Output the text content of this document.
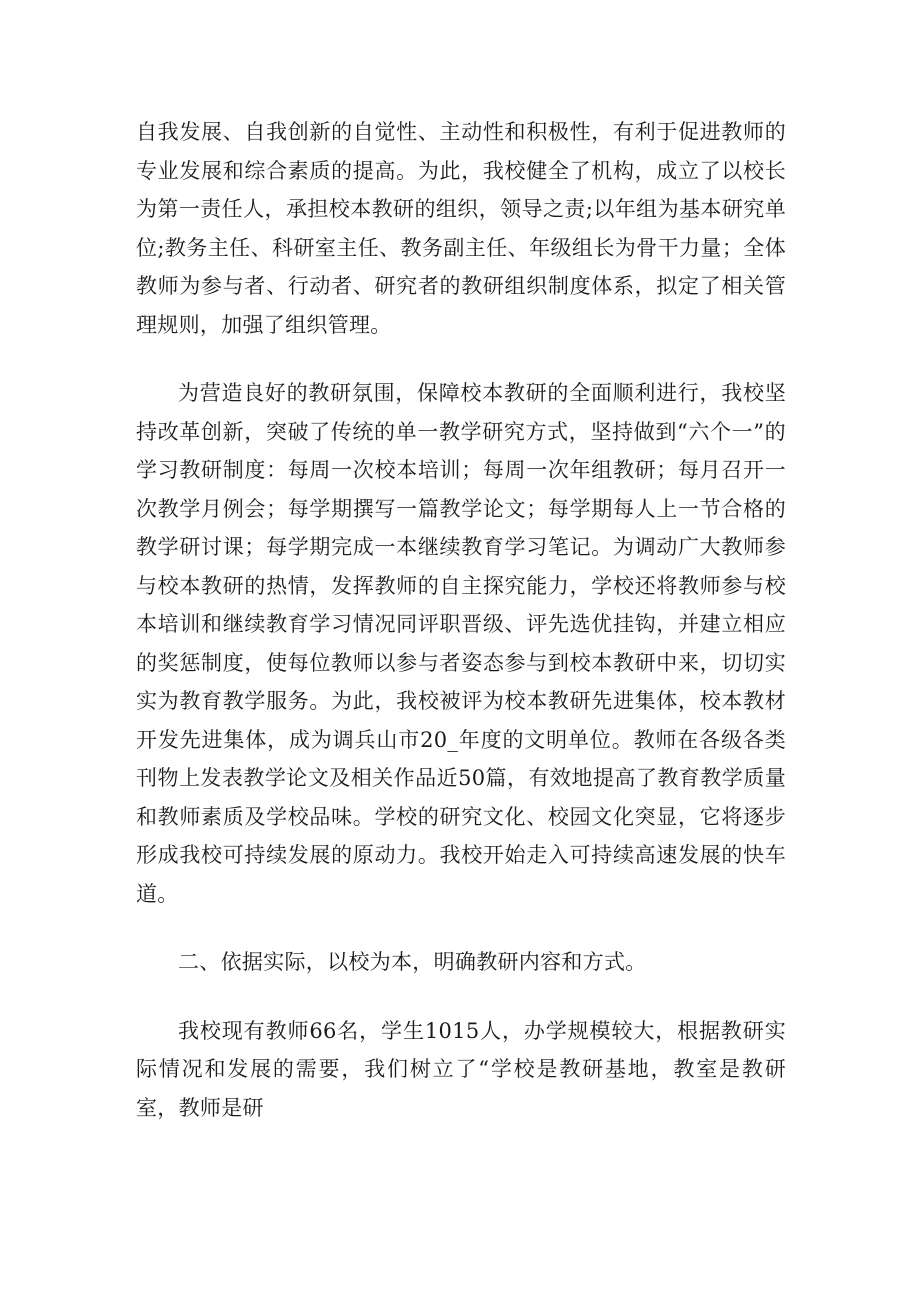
自我发展、自我创新的自觉性、主动性和积极性，有利于促进教师的专业发展和综合素质的提高。为此，我校健全了机构，成立了以校长为第一责任人，承担校本教研的组织，领导之责;以年组为基本研究单位;教务主任、科研室主任、教务副主任、年级组长为骨干力量；全体教师为参与者、行动者、研究者的教研组织制度体系，拟定了相关管理规则，加强了组织管理。

为营造良好的教研氛围，保障校本教研的全面顺利进行，我校坚持改革创新，突破了传统的单一教学研究方式，坚持做到“六个一”的学习教研制度：每周一次校本培训；每周一次年组教研；每月召开一次教学月例会；每学期撰写一篇教学论文；每学期每人上一节合格的教学研讨课；每学期完成一本继续教育学习笔记。为调动广大教师参与校本教研的热情，发挥教师的自主探究能力，学校还将教师参与校本培训和继续教育学习情况同评职晋级、评先选优挂钩，并建立相应的奖惩制度，使每位教师以参与者姿态参与到校本教研中来，切切实实为教育教学服务。为此，我校被评为校本教研先进集体，校本教材开发先进集体，成为调兵山市20_年度的文明单位。教师在各级各类刊物上发表教学论文及相关作品近50篇，有效地提高了教育教学质量和教师素质及学校品味。学校的研究文化、校园文化突显，它将逐步形成我校可持续发展的原动力。我校开始走入可持续高速发展的快车道。

二、依据实际，以校为本，明确教研内容和方式。

我校现有教师66名，学生1015人，办学规模较大，根据教研实际情况和发展的需要，我们树立了“学校是教研基地，教室是教研室，教师是研
